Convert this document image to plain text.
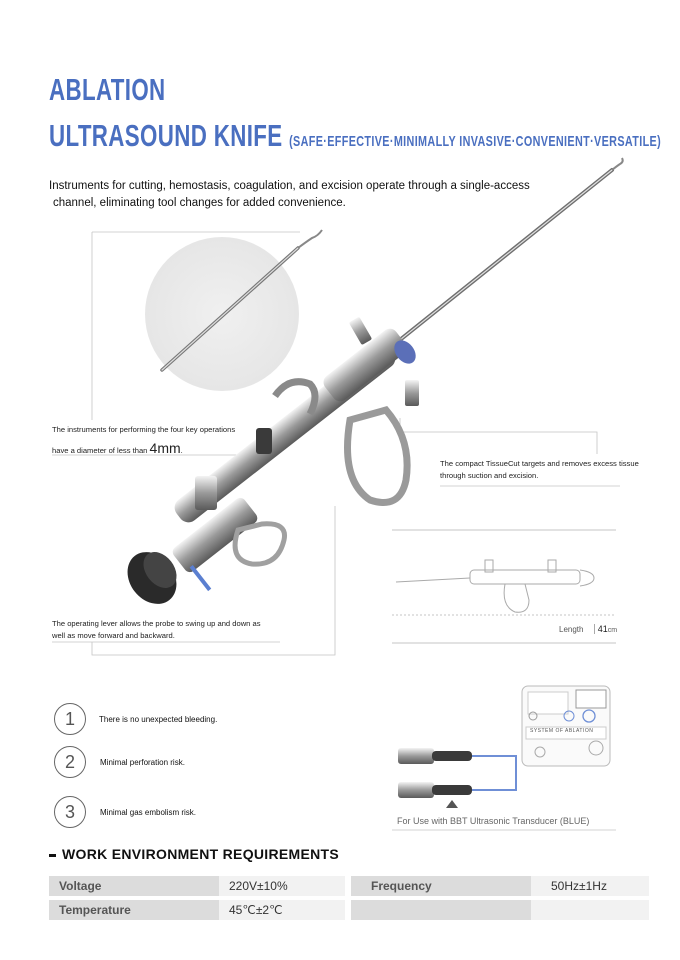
ABLATION
ULTRASOUND KNIFE (SAFE·EFFECTIVE·MINIMALLY INVASIVE·CONVENIENT·VERSATILE)
Instruments for cutting, hemostasis, coagulation, and excision operate through a single-access
channel, eliminating tool changes for added convenience.
The instruments for performing the four key operations
have a diameter of less than 4mm.
The compact TissueCut targets and removes excess tissue
through suction and excision.
The operating lever allows the probe to swing up and down as
well as move forward and backward.
Length 41cm
1	There is no unexpected bleeding.
2	Minimal perforation risk.
3	Minimal gas embolism risk.
SYSTEM OF ABLATION
For Use with BBT Ultrasonic Transducer (BLUE)
WORK ENVIRONMENT REQUIREMENTS
Voltage	220V±10%		Frequency	50Hz±1Hz
Temperature	45℃±2℃			
